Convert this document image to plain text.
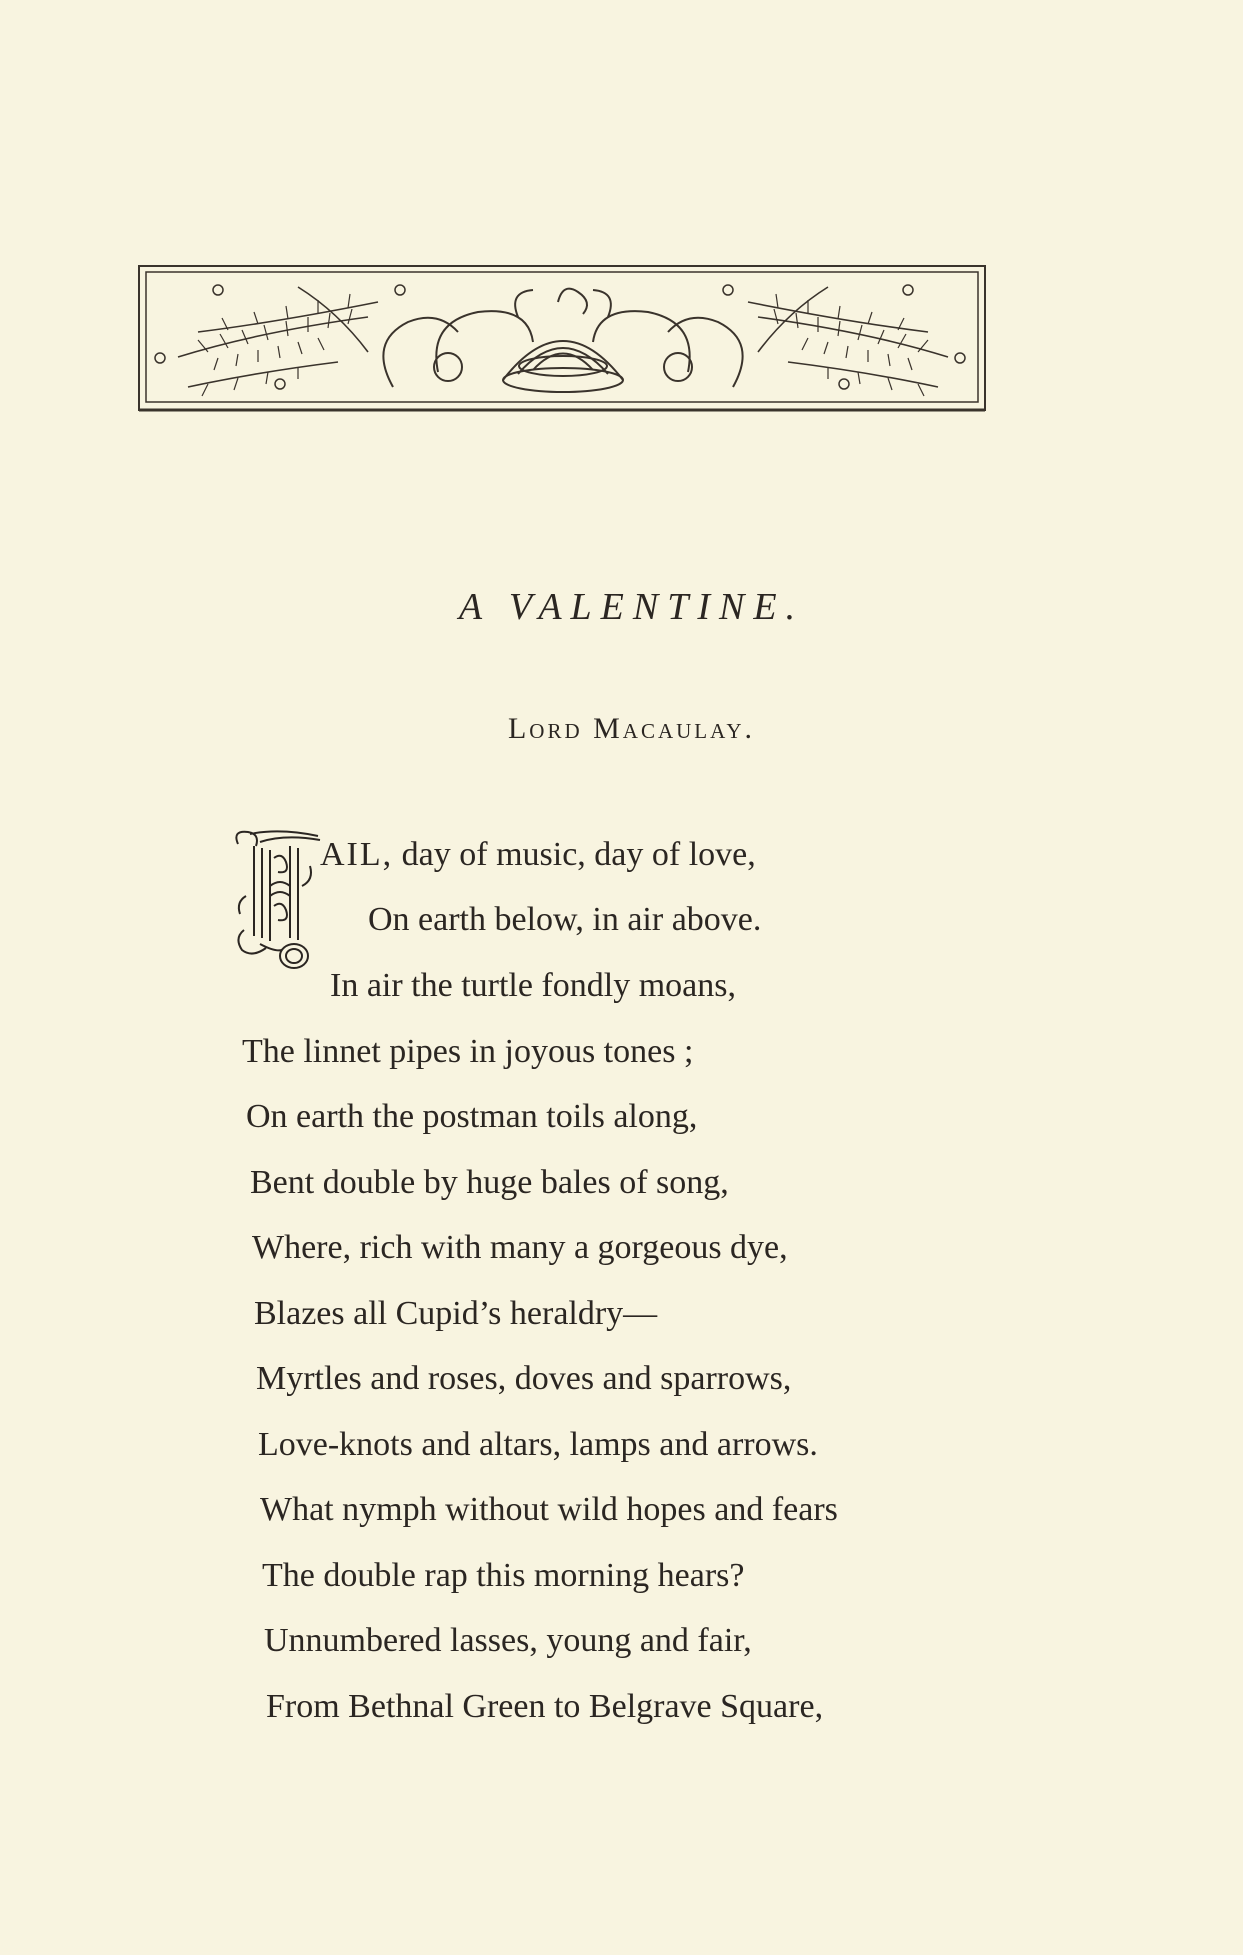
A VALENTINE.
Lord Macaulay.
AIL, day of music, day of love,
On earth below, in air above.
In air the turtle fondly moans,
The linnet pipes in joyous tones ;
On earth the postman toils along,
Bent double by huge bales of song,
Where, rich with many a gorgeous dye,
Blazes all Cupid’s heraldry—
Myrtles and roses, doves and sparrows,
Love-knots and altars, lamps and arrows.
What nymph without wild hopes and fears
The double rap this morning hears?
Unnumbered lasses, young and fair,
From Bethnal Green to Belgrave Square,
